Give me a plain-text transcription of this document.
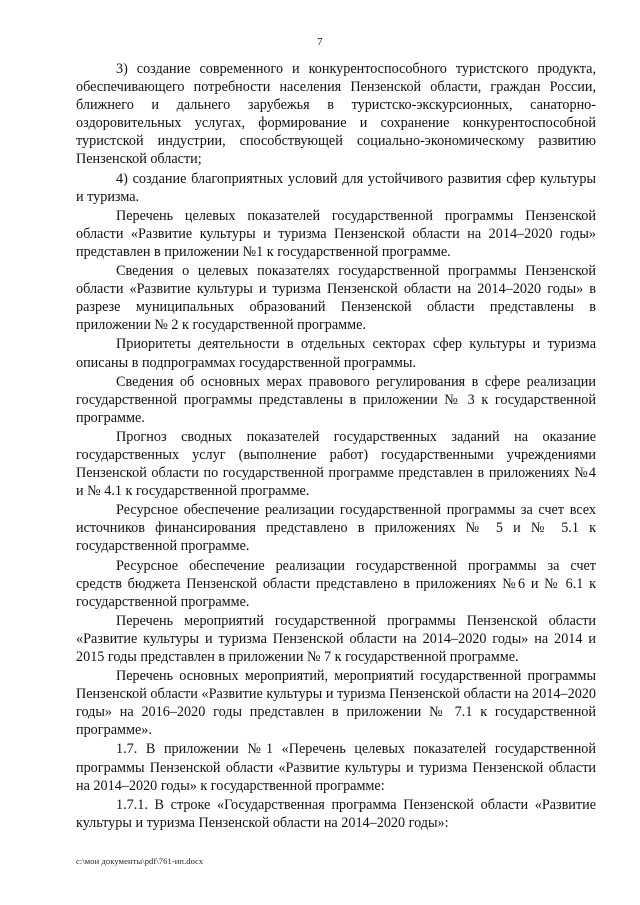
7

3) создание современного и конкурентоспособного туристского продукта, обеспечивающего потребности населения Пензенской области, граждан России, ближнего и дальнего зарубежья в туристско-экскурсионных, санаторно-оздоровительных услугах, формирование и сохранение конкурентоспособной туристской индустрии, способствующей социально-экономическому развитию Пензенской области;

4) создание благоприятных условий для устойчивого развития сфер культуры и туризма.

Перечень целевых показателей государственной программы Пензенской области «Развитие культуры и туризма Пензенской области на 2014–2020 годы» представлен в приложении №1 к государственной программе.

Сведения о целевых показателях государственной программы Пензенской области «Развитие культуры и туризма Пензенской области на 2014–2020 годы» в разрезе муниципальных образований Пензенской области представлены в приложении № 2 к государственной программе.

Приоритеты деятельности в отдельных секторах сфер культуры и туризма описаны в подпрограммах государственной программы.

Сведения об основных мерах правового регулирования в сфере реализации государственной программы представлены в приложении № 3 к государственной программе.

Прогноз сводных показателей государственных заданий на оказание государственных услуг (выполнение работ) государственными учреждениями Пензенской области по государственной программе представлен в приложениях №4 и № 4.1 к государственной программе.

Ресурсное обеспечение реализации государственной программы за счет всех источников финансирования представлено в приложениях № 5 и № 5.1 к государственной программе.

Ресурсное обеспечение реализации государственной программы за счет средств бюджета Пензенской области представлено в приложениях №6 и № 6.1 к государственной программе.

Перечень мероприятий государственной программы Пензенской области «Развитие культуры и туризма Пензенской области на 2014–2020 годы» на 2014 и 2015 годы представлен в приложении № 7 к государственной программе.

Перечень основных мероприятий, мероприятий государственной программы Пензенской области «Развитие культуры и туризма Пензенской области на 2014–2020 годы» на 2016–2020 годы представлен в приложении № 7.1 к государственной программе».

1.7. В приложении №1 «Перечень целевых показателей государственной программы Пензенской области «Развитие культуры и туризма Пензенской области на 2014–2020 годы» к государственной программе:

1.7.1. В строке «Государственная программа Пензенской области «Развитие культуры и туризма Пензенской области на 2014–2020 годы»:

c:\мои документы\pdf\761-ип.docx
